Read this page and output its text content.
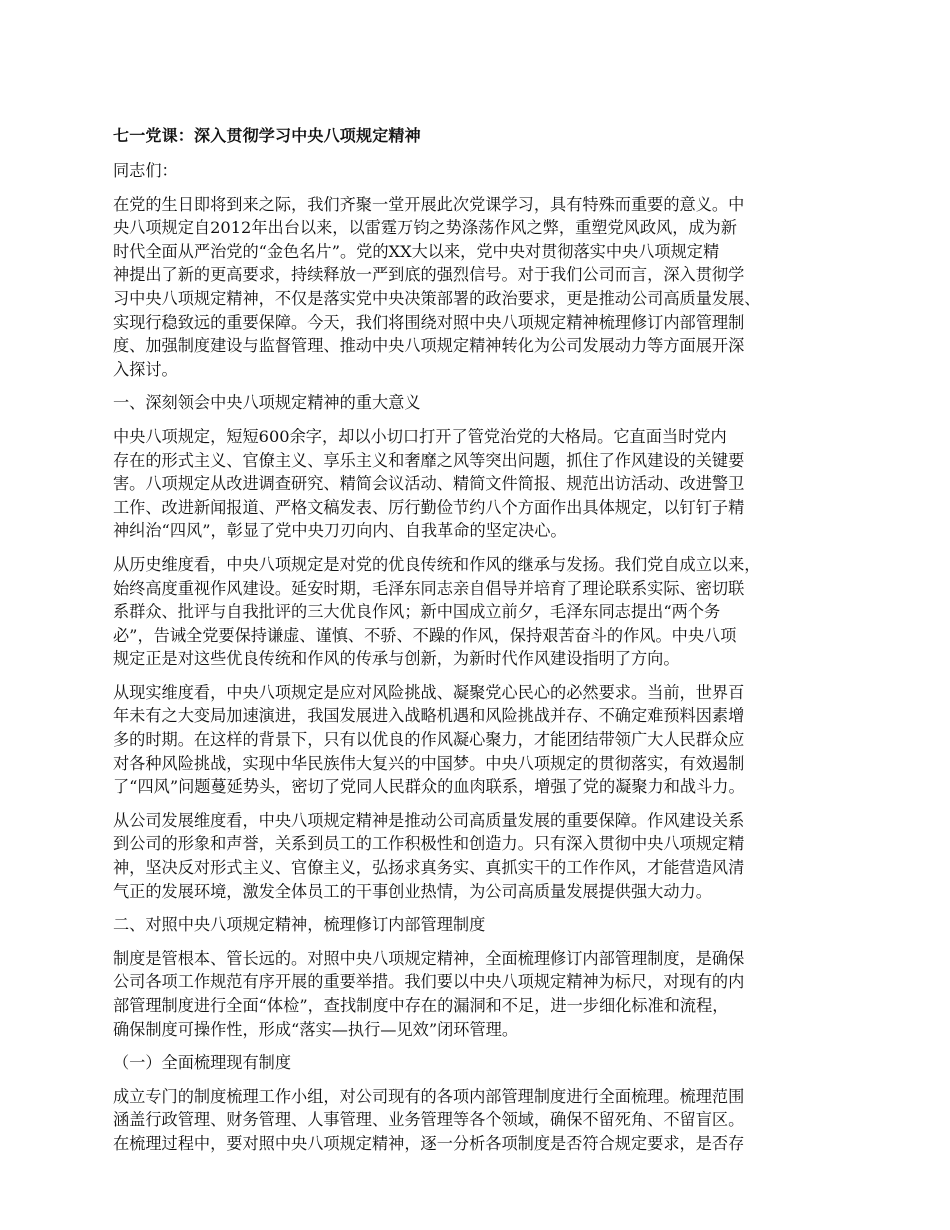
七一党课：深入贯彻学习中央八项规定精神
同志们：
在党的生日即将到来之际，我们齐聚一堂开展此次党课学习，具有特殊而重要的意义。中
央八项规定自2012年出台以来，以雷霆万钧之势涤荡作风之弊，重塑党风政风，成为新
时代全面从严治党的“金色名片”。党的XX大以来，党中央对贯彻落实中央八项规定精
神提出了新的更高要求，持续释放一严到底的强烈信号。对于我们公司而言，深入贯彻学
习中央八项规定精神，不仅是落实党中央决策部署的政治要求，更是推动公司高质量发展、
实现行稳致远的重要保障。今天，我们将围绕对照中央八项规定精神梳理修订内部管理制
度、加强制度建设与监督管理、推动中央八项规定精神转化为公司发展动力等方面展开深
入探讨。
一、深刻领会中央八项规定精神的重大意义
中央八项规定，短短600余字，却以小切口打开了管党治党的大格局。它直面当时党内
存在的形式主义、官僚主义、享乐主义和奢靡之风等突出问题，抓住了作风建设的关键要
害。八项规定从改进调查研究、精简会议活动、精简文件简报、规范出访活动、改进警卫
工作、改进新闻报道、严格文稿发表、厉行勤俭节约八个方面作出具体规定，以钉钉子精
神纠治“四风”，彰显了党中央刀刃向内、自我革命的坚定决心。
从历史维度看，中央八项规定是对党的优良传统和作风的继承与发扬。我们党自成立以来，
始终高度重视作风建设。延安时期，毛泽东同志亲自倡导并培育了理论联系实际、密切联
系群众、批评与自我批评的三大优良作风；新中国成立前夕，毛泽东同志提出“两个务
必”，告诫全党要保持谦虚、谨慎、不骄、不躁的作风，保持艰苦奋斗的作风。中央八项
规定正是对这些优良传统和作风的传承与创新，为新时代作风建设指明了方向。
从现实维度看，中央八项规定是应对风险挑战、凝聚党心民心的必然要求。当前，世界百
年未有之大变局加速演进，我国发展进入战略机遇和风险挑战并存、不确定难预料因素增
多的时期。在这样的背景下，只有以优良的作风凝心聚力，才能团结带领广大人民群众应
对各种风险挑战，实现中华民族伟大复兴的中国梦。中央八项规定的贯彻落实，有效遏制
了“四风”问题蔓延势头，密切了党同人民群众的血肉联系，增强了党的凝聚力和战斗力。
从公司发展维度看，中央八项规定精神是推动公司高质量发展的重要保障。作风建设关系
到公司的形象和声誉，关系到员工的工作积极性和创造力。只有深入贯彻中央八项规定精
神，坚决反对形式主义、官僚主义，弘扬求真务实、真抓实干的工作作风，才能营造风清
气正的发展环境，激发全体员工的干事创业热情，为公司高质量发展提供强大动力。
二、对照中央八项规定精神，梳理修订内部管理制度
制度是管根本、管长远的。对照中央八项规定精神，全面梳理修订内部管理制度，是确保
公司各项工作规范有序开展的重要举措。我们要以中央八项规定精神为标尺，对现有的内
部管理制度进行全面“体检”，查找制度中存在的漏洞和不足，进一步细化标准和流程，
确保制度可操作性，形成“落实—执行—见效”闭环管理。
（一）全面梳理现有制度
成立专门的制度梳理工作小组，对公司现有的各项内部管理制度进行全面梳理。梳理范围
涵盖行政管理、财务管理、人事管理、业务管理等各个领域，确保不留死角、不留盲区。
在梳理过程中，要对照中央八项规定精神，逐一分析各项制度是否符合规定要求，是否存
